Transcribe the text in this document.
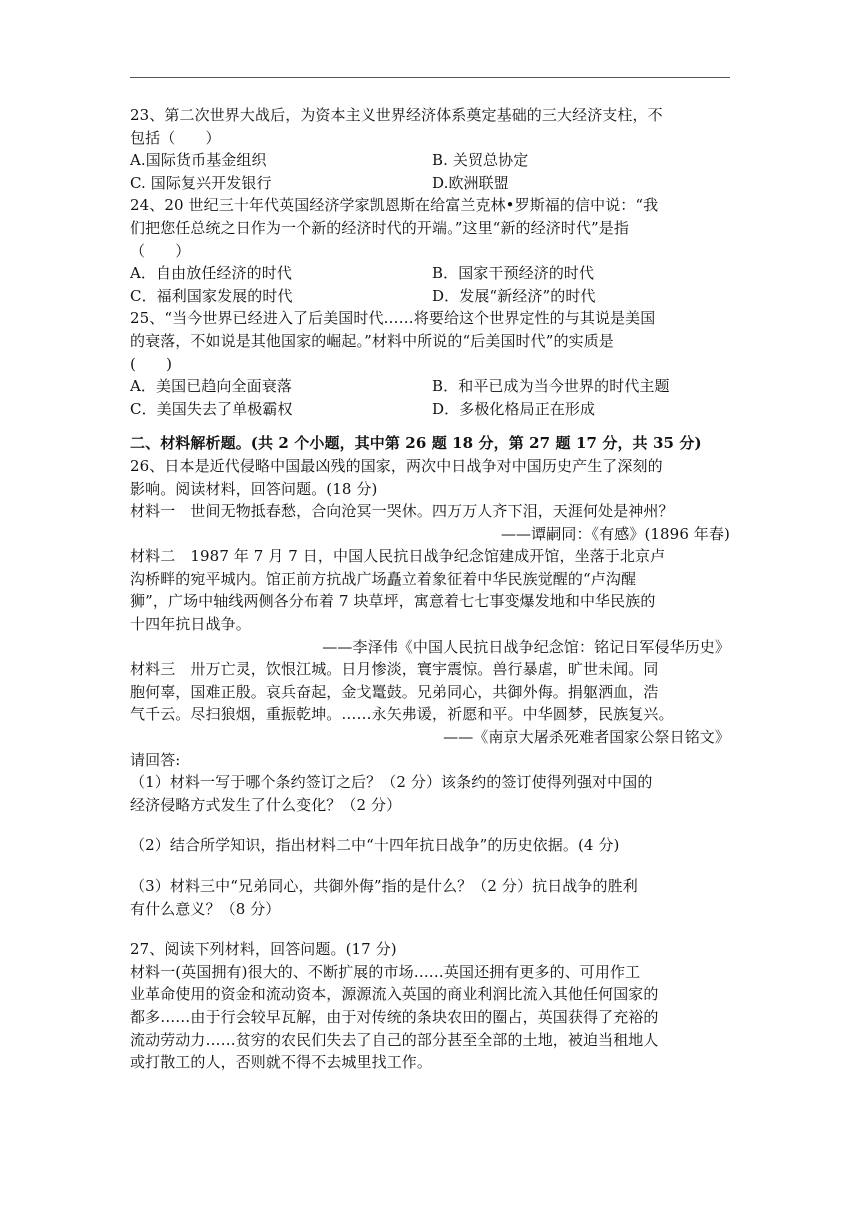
23、第二次世界大战后，为资本主义世界经济体系奠定基础的三大经济支柱，不
包括（　　）
A.国际货币基金组织	B. 关贸总协定
C. 国际复兴开发银行	D.欧洲联盟
24、20 世纪三十年代英国经济学家凯恩斯在给富兰克林•罗斯福的信中说：“我
们把您任总统之日作为一个新的经济时代的开端。”这里“新的经济时代”是指
（　　）
A．自由放任经济的时代	B．国家干预经济的时代
C．福利国家发展的时代	D．发展“新经济”的时代
25、“当今世界已经进入了后美国时代……将要给这个世界定性的与其说是美国
的衰落，不如说是其他国家的崛起。”材料中所说的“后美国时代”的实质是
(　　)
A．美国已趋向全面衰落	B．和平已成为当今世界的时代主题
C．美国失去了单极霸权	D．多极化格局正在形成
二、材料解析题。(共 2 个小题，其中第 26 题 18 分，第 27 题 17 分，共 35 分)
26、日本是近代侵略中国最凶残的国家，两次中日战争对中国历史产生了深刻的
影响。阅读材料，回答问题。(18 分)
材料一　世间无物抵春愁，合向沧冥一哭休。四万万人齐下泪，天涯何处是神州？
——谭嗣同：《有感》(1896 年春)
材料二　1987 年 7 月 7 日，中国人民抗日战争纪念馆建成开馆，坐落于北京卢
沟桥畔的宛平城内。馆正前方抗战广场矗立着象征着中华民族觉醒的“卢沟醒
狮”，广场中轴线两侧各分布着 7 块草坪，寓意着七七事变爆发地和中华民族的
十四年抗日战争。
——李泽伟《中国人民抗日战争纪念馆：铭记日军侵华历史》
材料三　卅万亡灵，饮恨江城。日月惨淡，寰宇震惊。兽行暴虐，旷世未闻。同
胞何辜，国难正殷。哀兵奋起，金戈鼍鼓。兄弟同心，共御外侮。捐躯洒血，浩
气千云。尽扫狼烟，重振乾坤。……永矢弗谖，祈愿和平。中华圆梦，民族复兴。
——《南京大屠杀死难者国家公祭日铭文》
请回答:
（1）材料一写于哪个条约签订之后？（2 分）该条约的签订使得列强对中国的
经济侵略方式发生了什么变化？（2 分）
（2）结合所学知识，指出材料二中“十四年抗日战争”的历史依据。(4 分)
（3）材料三中“兄弟同心，共御外侮”指的是什么？（2 分）抗日战争的胜利
有什么意义？（8 分）
27、阅读下列材料，回答问题。(17 分)
材料一(英国拥有)很大的、不断扩展的市场……英国还拥有更多的、可用作工
业革命使用的资金和流动资本，源源流入英国的商业利润比流入其他任何国家的
都多……由于行会较早瓦解，由于对传统的条块农田的圈占，英国获得了充裕的
流动劳动力……贫穷的农民们失去了自己的部分甚至全部的土地，被迫当租地人
或打散工的人，否则就不得不去城里找工作。
